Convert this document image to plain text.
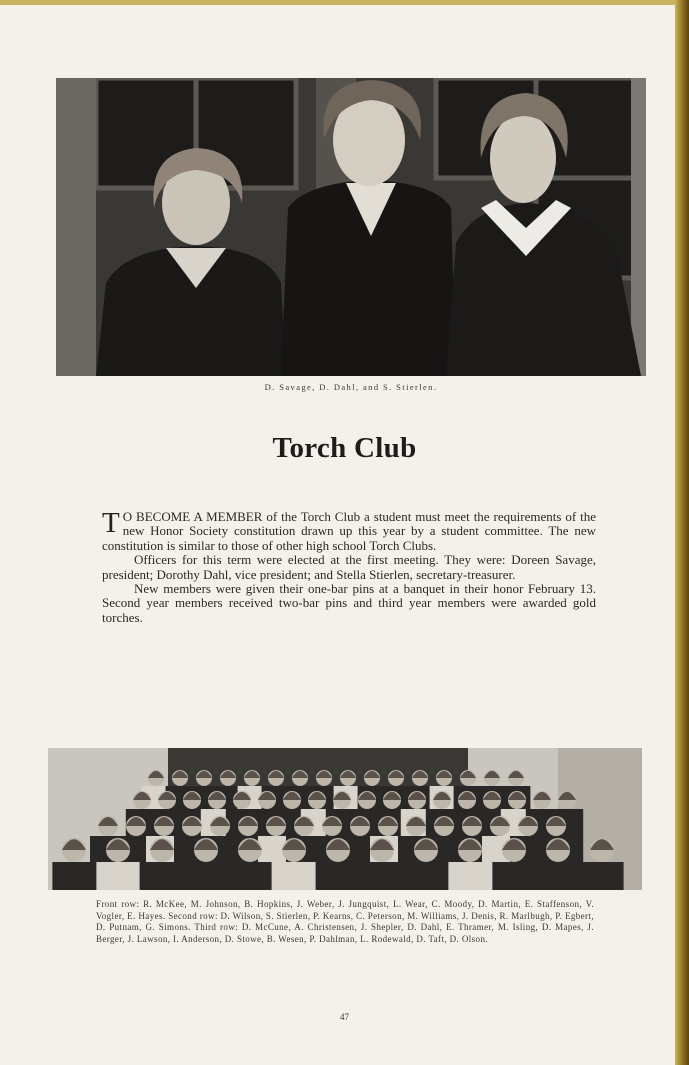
D. Savage, D. Dahl, and S. Stierlen.
Torch Club

T O BECOME A MEMBER of the Torch Club a student must meet the requirements of the new Honor Society constitution drawn up this year by a student committee. The new constitution is similar to those of other high school Torch Clubs.

Officers for this term were elected at the first meeting. They were: Doreen Savage, president; Dorothy Dahl, vice president; and Stella Stierlen, secretary-treasurer.

New members were given their one-bar pins at a banquet in their honor February 13. Second year members received two-bar pins and third year members were awarded gold torches.

Front row: R. McKee, M. Johnson, B. Hopkins, J. Weber, J. Jungquist, L. Wear, C. Moody, D. Martin, E. Staffenson, V. Vogler, E. Hayes. Second row: D. Wilson, S. Stierlen, P. Kearns, C. Peterson, M. Williams, J. Denis, R. Marlbugh, P. Egbert, D. Putnam, G. Simons. Third row: D. McCune, A. Christensen, J. Shepler, D. Dahl, E. Thramer, M. Isling, D. Mapes, J. Berger, J. Lawson, I. Anderson, D. Stowe, B. Wesen, P. Dahlman, L. Rodewald, D. Taft, D. Olson.
47
